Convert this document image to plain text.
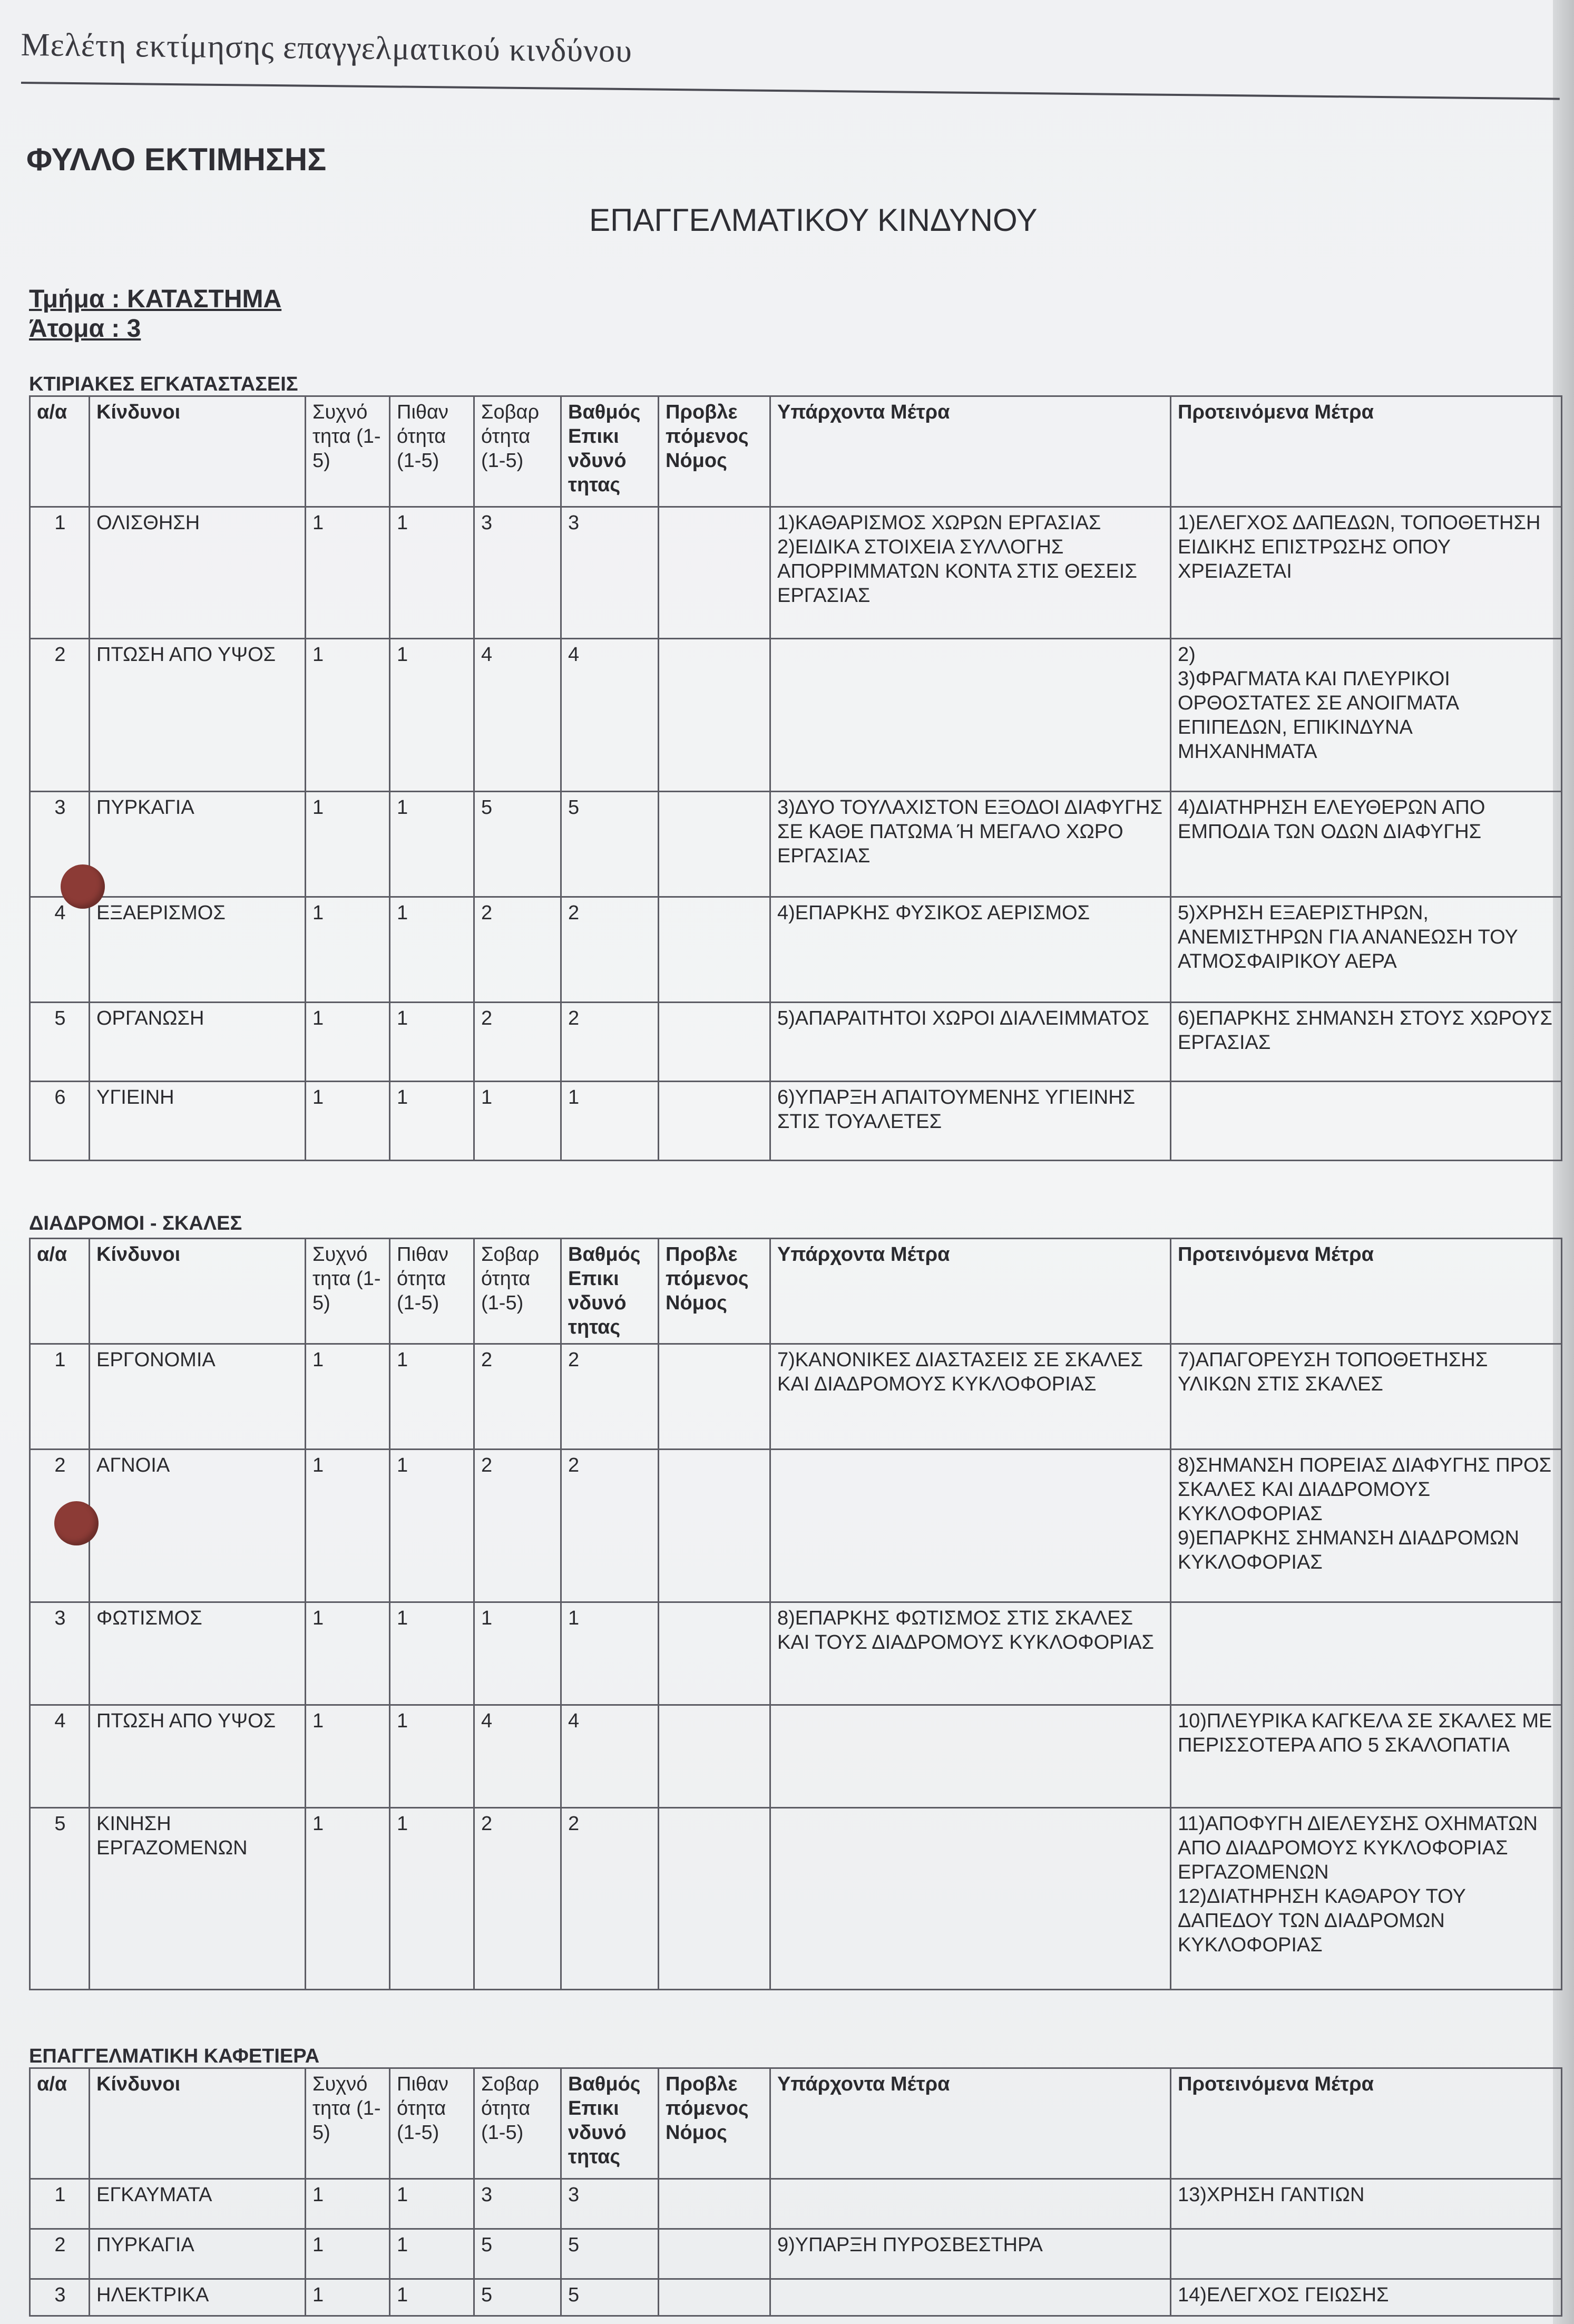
Μελέτη εκτίμησης επαγγελματικού κινδύνου
ΦΥΛΛΟ ΕΚΤΙΜΗΣΗΣ
ΕΠΑΓΓΕΛΜΑΤΙΚΟΥ ΚΙΝΔΥΝΟΥ
Τμήμα : ΚΑΤΑΣΤΗΜΑ
Άτομα : 3
ΚΤΙΡΙΑΚΕΣ ΕΓΚΑΤΑΣΤΑΣΕΙΣ
α/α	Κίνδυνοι	Συχνό τητα (1-5)	Πιθαν ότητα (1-5)	Σοβαρ ότητα (1-5)	Βαθμός Επικι νδυνό τητας	Προβλε πόμενος Νόμος	Υπάρχοντα Μέτρα	Προτεινόμενα Μέτρα
1	ΟΛΙΣΘΗΣΗ	1	1	3	3		1)ΚΑΘΑΡΙΣΜΟΣ ΧΩΡΩΝ ΕΡΓΑΣΙΑΣ 2)ΕΙΔΙΚΑ ΣΤΟΙΧΕΙΑ ΣΥΛΛΟΓΗΣ ΑΠΟΡΡΙΜΜΑΤΩΝ ΚΟΝΤΑ ΣΤΙΣ ΘΕΣΕΙΣ ΕΡΓΑΣΙΑΣ	1)ΕΛΕΓΧΟΣ ΔΑΠΕΔΩΝ, ΤΟΠΟΘΕΤΗΣΗ ΕΙΔΙΚΗΣ ΕΠΙΣΤΡΩΣΗΣ ΟΠΟΥ ΧΡΕΙΑΖΕΤΑΙ
2	ΠΤΩΣΗ ΑΠΟ ΥΨΟΣ	1	1	4	4			2)
3)ΦΡΑΓΜΑΤΑ ΚΑΙ ΠΛΕΥΡΙΚΟΙ ΟΡΘΟΣΤΑΤΕΣ ΣΕ ΑΝΟΙΓΜΑΤΑ ΕΠΙΠΕΔΩΝ, ΕΠΙΚΙΝΔΥΝΑ ΜΗΧΑΝΗΜΑΤΑ
3	ΠΥΡΚΑΓΙΑ	1	1	5	5		3)ΔΥΟ ΤΟΥΛΑΧΙΣΤΟΝ ΕΞΟΔΟΙ ΔΙΑΦΥΓΗΣ ΣΕ ΚΑΘΕ ΠΑΤΩΜΑ Ή ΜΕΓΑΛΟ ΧΩΡΟ ΕΡΓΑΣΙΑΣ	4)ΔΙΑΤΗΡΗΣΗ ΕΛΕΥΘΕΡΩΝ ΑΠΟ ΕΜΠΟΔΙΑ ΤΩΝ ΟΔΩΝ ΔΙΑΦΥΓΗΣ
4	ΕΞΑΕΡΙΣΜΟΣ	1	1	2	2		4)ΕΠΑΡΚΗΣ ΦΥΣΙΚΟΣ ΑΕΡΙΣΜΟΣ	5)ΧΡΗΣΗ ΕΞΑΕΡΙΣΤΗΡΩΝ, ΑΝΕΜΙΣΤΗΡΩΝ ΓΙΑ ΑΝΑΝΕΩΣΗ ΤΟΥ ΑΤΜΟΣΦΑΙΡΙΚΟΥ ΑΕΡΑ
5	ΟΡΓΑΝΩΣΗ	1	1	2	2		5)ΑΠΑΡΑΙΤΗΤΟΙ ΧΩΡΟΙ ΔΙΑΛΕΙΜΜΑΤΟΣ	6)ΕΠΑΡΚΗΣ ΣΗΜΑΝΣΗ ΣΤΟΥΣ ΧΩΡΟΥΣ ΕΡΓΑΣΙΑΣ
6	ΥΓΙΕΙΝΗ	1	1	1	1		6)ΥΠΑΡΞΗ ΑΠΑΙΤΟΥΜΕΝΗΣ ΥΓΙΕΙΝΗΣ ΣΤΙΣ ΤΟΥΑΛΕΤΕΣ	
ΔΙΑΔΡΟΜΟΙ - ΣΚΑΛΕΣ
α/α	Κίνδυνοι	Συχνό τητα (1-5)	Πιθαν ότητα (1-5)	Σοβαρ ότητα (1-5)	Βαθμός Επικι νδυνό τητας	Προβλε πόμενος Νόμος	Υπάρχοντα Μέτρα	Προτεινόμενα Μέτρα
1	ΕΡΓΟΝΟΜΙΑ	1	1	2	2		7)ΚΑΝΟΝΙΚΕΣ ΔΙΑΣΤΑΣΕΙΣ ΣΕ ΣΚΑΛΕΣ ΚΑΙ ΔΙΑΔΡΟΜΟΥΣ ΚΥΚΛΟΦΟΡΙΑΣ	7)ΑΠΑΓΟΡΕΥΣΗ ΤΟΠΟΘΕΤΗΣΗΣ ΥΛΙΚΩΝ ΣΤΙΣ ΣΚΑΛΕΣ
2	ΑΓΝΟΙΑ	1	1	2	2			8)ΣΗΜΑΝΣΗ ΠΟΡΕΙΑΣ ΔΙΑΦΥΓΗΣ ΠΡΟΣ ΣΚΑΛΕΣ ΚΑΙ ΔΙΑΔΡΟΜΟΥΣ ΚΥΚΛΟΦΟΡΙΑΣ
9)ΕΠΑΡΚΗΣ ΣΗΜΑΝΣΗ ΔΙΑΔΡΟΜΩΝ ΚΥΚΛΟΦΟΡΙΑΣ
3	ΦΩΤΙΣΜΟΣ	1	1	1	1		8)ΕΠΑΡΚΗΣ ΦΩΤΙΣΜΟΣ ΣΤΙΣ ΣΚΑΛΕΣ ΚΑΙ ΤΟΥΣ ΔΙΑΔΡΟΜΟΥΣ ΚΥΚΛΟΦΟΡΙΑΣ	
4	ΠΤΩΣΗ ΑΠΟ ΥΨΟΣ	1	1	4	4			10)ΠΛΕΥΡΙΚΑ ΚΑΓΚΕΛΑ ΣΕ ΣΚΑΛΕΣ ΜΕ ΠΕΡΙΣΣΟΤΕΡΑ ΑΠΟ 5 ΣΚΑΛΟΠΑΤΙΑ
5	ΚΙΝΗΣΗ ΕΡΓΑΖΟΜΕΝΩΝ	1	1	2	2			11)ΑΠΟΦΥΓΗ ΔΙΕΛΕΥΣΗΣ ΟΧΗΜΑΤΩΝ ΑΠΟ ΔΙΑΔΡΟΜΟΥΣ ΚΥΚΛΟΦΟΡΙΑΣ ΕΡΓΑΖΟΜΕΝΩΝ
12)ΔΙΑΤΗΡΗΣΗ ΚΑΘΑΡΟΥ ΤΟΥ ΔΑΠΕΔΟΥ ΤΩΝ ΔΙΑΔΡΟΜΩΝ ΚΥΚΛΟΦΟΡΙΑΣ
ΕΠΑΓΓΕΛΜΑΤΙΚΗ ΚΑΦΕΤΙΕΡΑ
α/α	Κίνδυνοι	Συχνό τητα (1-5)	Πιθαν ότητα (1-5)	Σοβαρ ότητα (1-5)	Βαθμός Επικι νδυνό τητας	Προβλε πόμενος Νόμος	Υπάρχοντα Μέτρα	Προτεινόμενα Μέτρα
1	ΕΓΚΑΥΜΑΤΑ	1	1	3	3			13)ΧΡΗΣΗ ΓΑΝΤΙΩΝ
2	ΠΥΡΚΑΓΙΑ	1	1	5	5		9)ΥΠΑΡΞΗ ΠΥΡΟΣΒΕΣΤΗΡΑ	
3	ΗΛΕΚΤΡΙΚΑ	1	1	5	5			14)ΕΛΕΓΧΟΣ ΓΕΙΩΣΗΣ
